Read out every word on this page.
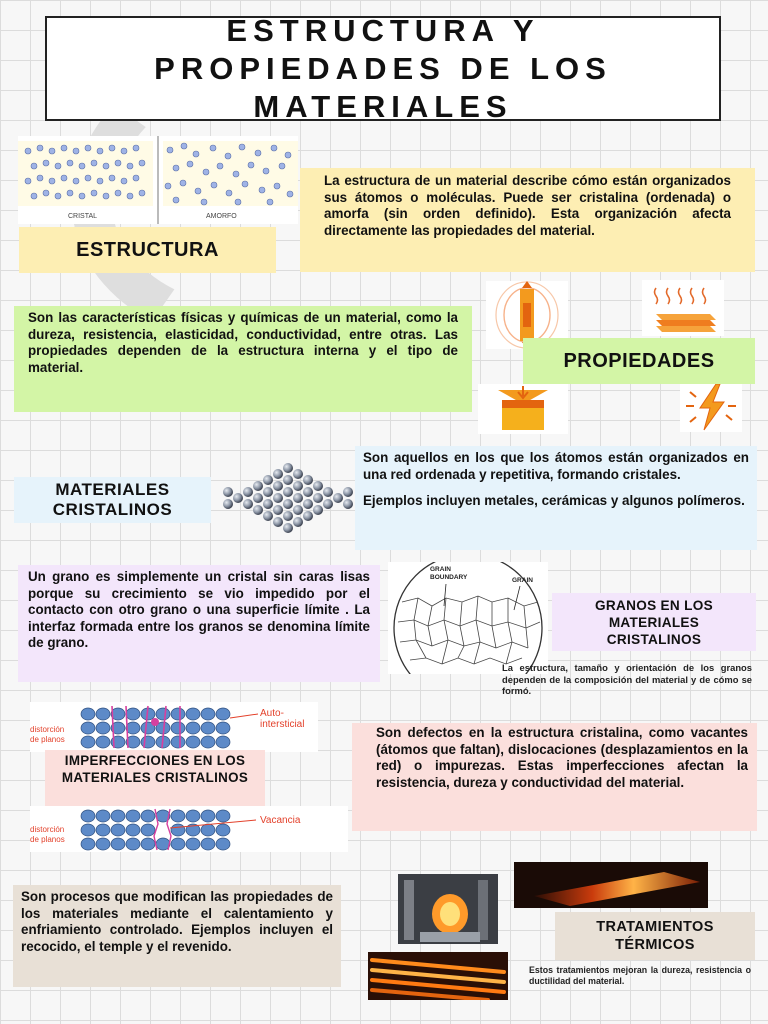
ESTRUCTURA Y
PROPIEDADES DE LOS
MATERIALES
CRISTAL	AMORFO
ESTRUCTURA
La estructura de un material describe cómo están organizados sus átomos o moléculas. Puede ser cristalina (ordenada) o amorfa (sin orden definido). Esta organización afecta directamente las propiedades del material.
Son las características físicas y químicas de un material, como la dureza, resistencia, elasticidad, conductividad, entre otras. Las propiedades dependen de la estructura interna y el tipo de material.	PROPIEDADES
MATERIALES
CRISTALINOS
Son aquellos en los que los átomos están organizados en una red ordenada y repetitiva, formando cristales.
Ejemplos incluyen metales, cerámicas y algunos polímeros.
Un grano es simplemente un cristal sin caras lisas porque su crecimiento se vio impedido por el contacto con otro grano o una superficie límite . La interfaz formada entre los granos se denomina límite de grano.
GRAIN
BOUNDARY	GRAIN
GRANOS EN LOS MATERIALES CRISTALINOS
La estructura, tamaño y orientación de los granos dependen de la composición del material y de cómo se formó.
distorción
de planos
Auto-
intersticial
IMPERFECCIONES EN LOS MATERIALES CRISTALINOS
distorción
de planos
Vacancia
Son defectos en la estructura cristalina, como vacantes (átomos que faltan), dislocaciones (desplazamientos en la red) o impurezas. Estas imperfecciones afectan la resistencia, dureza y conductividad del material.
Son procesos que modifican las propiedades de los materiales mediante el calentamiento y enfriamiento controlado. Ejemplos incluyen el recocido, el temple y el revenido.
TRATAMIENTOS TÉRMICOS
Estos tratamientos mejoran la dureza, resistencia o ductilidad del material.
